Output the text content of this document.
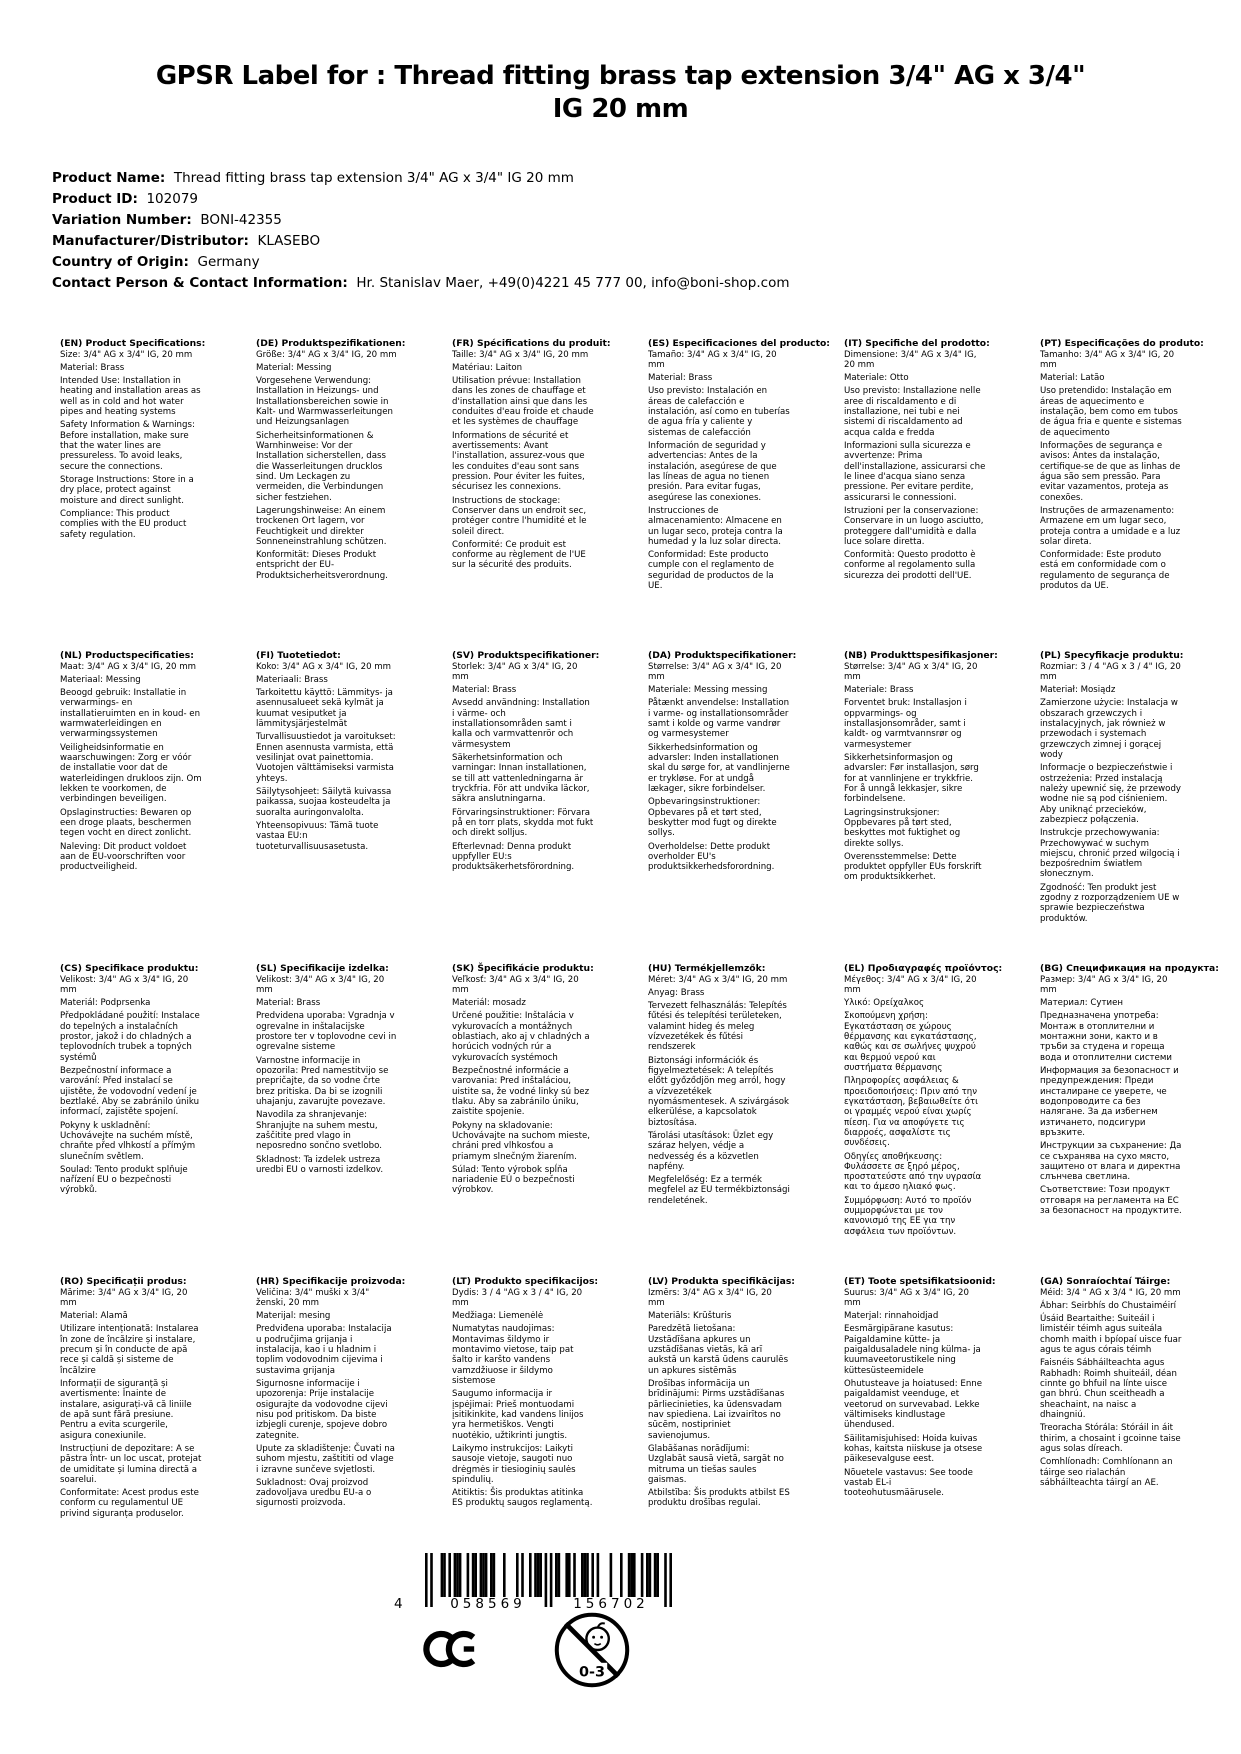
GPSR Label for : Thread fitting brass tap extension 3/4" AG x 3/4"
IG 20 mm
Product Name:  Thread fitting brass tap extension 3/4" AG x 3/4" IG 20 mm
Product ID:  102079
Variation Number:  BONI-42355
Manufacturer/Distributor:  KLASEBO
Country of Origin:  Germany
Contact Person & Contact Information:  Hr. Stanislav Maer, +49(0)4221 45 777 00, info@boni-shop.com
(EN) Product Specifications:

Size: 3/4" AG x 3/4" IG, 20 mm

Material: Brass

Intended Use: Installation in heating and installation areas as well as in cold and hot water pipes and heating systems

Safety Information & Warnings: Before installation, make sure that the water lines are pressureless. To avoid leaks, secure the connections.

Storage Instructions: Store in a dry place, protect against moisture and direct sunlight.

Compliance: This product complies with the EU product safety regulation.

(DE) Produktspezifikationen:

Größe: 3/4" AG x 3/4" IG, 20 mm

Material: Messing

Vorgesehene Verwendung: Installation in Heizungs- und Installationsbereichen sowie in Kalt- und Warmwasserleitungen und Heizungsanlagen

Sicherheitsinformationen & Warnhinweise: Vor der Installation sicherstellen, dass die Wasserleitungen drucklos sind. Um Leckagen zu vermeiden, die Verbindungen sicher festziehen.

Lagerungshinweise: An einem trockenen Ort lagern, vor Feuchtigkeit und direkter Sonneneinstrahlung schützen.

Konformität: Dieses Produkt entspricht der EU-Produktsicherheitsverordnung.

(FR) Spécifications du produit:

Taille: 3/4" AG x 3/4" IG, 20 mm

Matériau: Laiton

Utilisation prévue: Installation dans les zones de chauffage et d'installation ainsi que dans les conduites d'eau froide et chaude et les systèmes de chauffage

Informations de sécurité et avertissements: Avant l'installation, assurez-vous que les conduites d'eau sont sans pression. Pour éviter les fuites, sécurisez les connexions.

Instructions de stockage: Conserver dans un endroit sec, protéger contre l'humidité et le soleil direct.

Conformité: Ce produit est conforme au règlement de l'UE sur la sécurité des produits.

(ES) Especificaciones del producto:

Tamaño: 3/4" AG x 3/4" IG, 20 mm

Material: Brass

Uso previsto: Instalación en áreas de calefacción e instalación, así como en tuberías de agua fría y caliente y sistemas de calefacción

Información de seguridad y advertencias: Antes de la instalación, asegúrese de que las líneas de agua no tienen presión. Para evitar fugas, asegúrese las conexiones.

Instrucciones de almacenamiento: Almacene en un lugar seco, proteja contra la humedad y la luz solar directa.

Conformidad: Este producto cumple con el reglamento de seguridad de productos de la UE.

(IT) Specifiche del prodotto:

Dimensione: 3/4" AG x 3/4" IG, 20 mm

Materiale: Otto

Uso previsto: Installazione nelle aree di riscaldamento e di installazione, nei tubi e nei sistemi di riscaldamento ad acqua calda e fredda

Informazioni sulla sicurezza e avvertenze: Prima dell'installazione, assicurarsi che le linee d'acqua siano senza pressione. Per evitare perdite, assicurarsi le connessioni.

Istruzioni per la conservazione: Conservare in un luogo asciutto, proteggere dall'umidità e dalla luce solare diretta.

Conformità: Questo prodotto è conforme al regolamento sulla sicurezza dei prodotti dell'UE.

(PT) Especificações do produto:

Tamanho: 3/4" AG x 3/4" IG, 20 mm

Material: Latão

Uso pretendido: Instalação em áreas de aquecimento e instalação, bem como em tubos de água fria e quente e sistemas de aquecimento

Informações de segurança e avisos: Antes da instalação, certifique-se de que as linhas de água são sem pressão. Para evitar vazamentos, proteja as conexões.

Instruções de armazenamento: Armazene em um lugar seco, proteja contra a umidade e a luz solar direta.

Conformidade: Este produto está em conformidade com o regulamento de segurança de produtos da UE.

(NL) Productspecificaties:

Maat: 3/4" AG x 3/4" IG, 20 mm

Materiaal: Messing

Beoogd gebruik: Installatie in verwarmings- en installatieruimten en in koud- en warmwaterleidingen en verwarmingssystemen

Veiligheidsinformatie en waarschuwingen: Zorg er vóór de installatie voor dat de waterleidingen drukloos zijn. Om lekken te voorkomen, de verbindingen beveiligen.

Opslaginstructies: Bewaren op een droge plaats, beschermen tegen vocht en direct zonlicht.

Naleving: Dit product voldoet aan de EU-voorschriften voor productveiligheid.

(FI) Tuotetiedot:

Koko: 3/4" AG x 3/4" IG, 20 mm

Materiaali: Brass

Tarkoitettu käyttö: Lämmitys- ja asennusalueet sekä kylmät ja kuumat vesiputket ja lämmitysjärjestelmät

Turvallisuustiedot ja varoitukset: Ennen asennusta varmista, että vesilinjat ovat painettomia. Vuotojen välttämiseksi varmista yhteys.

Säilytysohjeet: Säilytä kuivassa paikassa, suojaa kosteudelta ja suoralta auringonvalolta.

Yhteensopivuus: Tämä tuote vastaa EU:n tuoteturvallisuusasetusta.

(SV) Produktspecifikationer:

Storlek: 3/4" AG x 3/4" IG, 20 mm

Material: Brass

Avsedd användning: Installation i värme- och installationsområden samt i kalla och varmvattenrör och värmesystem

Säkerhetsinformation och varningar: Innan installationen, se till att vattenledningarna är tryckfria. För att undvika läckor, säkra anslutningarna.

Förvaringsinstruktioner: Förvara på en torr plats, skydda mot fukt och direkt solljus.

Efterlevnad: Denna produkt uppfyller EU:s produktsäkerhetsförordning.

(DA) Produktspecifikationer:

Størrelse: 3/4" AG x 3/4" IG, 20 mm

Materiale: Messing messing

Påtænkt anvendelse: Installation i varme- og installationsområder samt i kolde og varme vandrør og varmesystemer

Sikkerhedsinformation og advarsler: Inden installationen skal du sørge for, at vandlinjerne er trykløse. For at undgå lækager, sikre forbindelser.

Opbevaringsinstruktioner: Opbevares på et tørt sted, beskytter mod fugt og direkte sollys.

Overholdelse: Dette produkt overholder EU's produktsikkerhedsforordning.

(NB) Produkttspesifikasjoner:

Størrelse: 3/4" AG x 3/4" IG, 20 mm

Materiale: Brass

Forventet bruk: Installasjon i oppvarmings- og installasjonsområder, samt i kaldt- og varmtvannsrør og varmesystemer

Sikkerhetsinformasjon og advarsler: Før installasjon, sørg for at vannlinjene er trykkfrie. For å unngå lekkasjer, sikre forbindelsene.

Lagringsinstruksjoner: Oppbevares på tørt sted, beskyttes mot fuktighet og direkte sollys.

Overensstemmelse: Dette produktet oppfyller EUs forskrift om produktsikkerhet.

(PL) Specyfikacje produktu:

Rozmiar: 3 / 4 "AG x 3 / 4" IG, 20 mm

Materiał: Mosiądz

Zamierzone użycie: Instalacja w obszarach grzewczych i instalacyjnych, jak również w przewodach i systemach grzewczych zimnej i gorącej wody

Informacje o bezpieczeństwie i ostrzeżenia: Przed instalacją należy upewnić się, że przewody wodne nie są pod ciśnieniem. Aby uniknąć przecieków, zabezpiecz połączenia.

Instrukcje przechowywania: Przechowywać w suchym miejscu, chronić przed wilgocią i bezpośrednim światłem słonecznym.

Zgodność: Ten produkt jest zgodny z rozporządzeniem UE w sprawie bezpieczeństwa produktów.

(CS) Specifikace produktu:

Velikost: 3/4" AG x 3/4" IG, 20 mm

Materiál: Podprsenka

Předpokládané použití: Instalace do tepelných a instalačních prostor, jakož i do chladných a teplovodních trubek a topných systémů

Bezpečnostní informace a varování: Před instalací se ujistěte, že vodovodní vedení je beztlaké. Aby se zabránilo úniku informací, zajistěte spojení.

Pokyny k uskladnění: Uchovávejte na suchém místě, chraňte před vlhkostí a přímým slunečním světlem.

Soulad: Tento produkt splňuje nařízení EU o bezpečnosti výrobků.

(SL) Specifikacije izdelka:

Velikost: 3/4" AG x 3/4" IG, 20 mm

Material: Brass

Predvidena uporaba: Vgradnja v ogrevalne in inštalacijske prostore ter v toplovodne cevi in ogrevalne sisteme

Varnostne informacije in opozorila: Pred namestitvijo se prepričajte, da so vodne črte brez pritiska. Da bi se izognili uhajanju, zavarujte povezave.

Navodila za shranjevanje: Shranjujte na suhem mestu, zaščitite pred vlago in neposredno sončno svetlobo.

Skladnost: Ta izdelek ustreza uredbi EU o varnosti izdelkov.

(SK) Špecifikácie produktu:

Veľkosť: 3/4" AG x 3/4" IG, 20 mm

Materiál: mosadz

Určené použitie: Inštalácia v vykurovacích a montážnych oblastiach, ako aj v chladných a horúcich vodných rúr a vykurovacích systémoch

Bezpečnostné informácie a varovania: Pred inštaláciou, uistite sa, že vodné linky sú bez tlaku. Aby sa zabránilo úniku, zaistite spojenie.

Pokyny na skladovanie: Uchovávajte na suchom mieste, chráni pred vlhkosťou a priamym slnečným žiarením.

Súlad: Tento výrobok spĺňa nariadenie EÚ o bezpečnosti výrobkov.

(HU) Termékjellemzők:

Méret: 3/4" AG x 3/4" IG, 20 mm

Anyag: Brass

Tervezett felhasználás: Telepítés fűtési és telepítési területeken, valamint hideg és meleg vízvezetékek és fűtési rendszerek

Biztonsági információk és figyelmeztetések: A telepítés előtt győződjön meg arról, hogy a vízvezetékek nyomásmentesek. A szivárgások elkerülése, a kapcsolatok biztosítása.

Tárolási utasítások: Üzlet egy száraz helyen, védje a nedvesség és a közvetlen napfény.

Megfelelőség: Ez a termék megfelel az EU termékbiztonsági rendeletének.

(EL) Προδιαγραφές προϊόντος:

Μέγεθος: 3/4" AG x 3/4" IG, 20 mm

Υλικό: Ορείχαλκος

Σκοπούμενη χρήση: Εγκατάσταση σε χώρους θέρμανσης και εγκατάστασης, καθώς και σε σωλήνες ψυχρού και θερμού νερού και συστήματα θέρμανσης

Πληροφορίες ασφάλειας & προειδοποιήσεις: Πριν από την εγκατάσταση, βεβαιωθείτε ότι οι γραμμές νερού είναι χωρίς πίεση. Για να αποφύγετε τις διαρροές, ασφαλίστε τις συνδέσεις.

Οδηγίες αποθήκευσης: Φυλάσσετε σε ξηρό μέρος, προστατεύστε από την υγρασία και το άμεσο ηλιακό φως.

Συμμόρφωση: Αυτό το προϊόν συμμορφώνεται με τον κανονισμό της ΕΕ για την ασφάλεια των προϊόντων.

(BG) Спецификация на продукта:

Размер: 3/4" AG x 3/4" IG, 20 mm

Материал: Сутиен

Предназначена употреба: Монтаж в отоплителни и монтажни зони, както и в тръби за студена и гореща вода и отоплителни системи

Информация за безопасност и предупреждения: Преди инсталиране се уверете, че водопроводите са без налягане. За да избегнем изтичането, подсигури връзките.

Инструкции за съхранение: Да се съхранява на сухо място, защитено от влага и директна слънчева светлина.

Съответствие: Този продукт отговаря на регламента на ЕС за безопасност на продуктите.

(RO) Specificații produs:

Mărime: 3/4" AG x 3/4" IG, 20 mm

Material: Alamă

Utilizare intenționată: Instalarea în zone de încălzire și instalare, precum și în conducte de apă rece și caldă și sisteme de încălzire

Informații de siguranță și avertismente: Înainte de instalare, asigurați-vă că liniile de apă sunt fără presiune. Pentru a evita scurgerile, asigura conexiunile.

Instrucțiuni de depozitare: A se păstra într- un loc uscat, protejat de umiditate și lumina directă a soarelui.

Conformitate: Acest produs este conform cu regulamentul UE privind siguranța produselor.

(HR) Specifikacije proizvoda:

Veličina: 3/4" muški x 3/4" ženski, 20 mm

Materijal: mesing

Predviđena uporaba: Instalacija u područjima grijanja i instalacija, kao i u hladnim i toplim vodovodnim cijevima i sustavima grijanja

Sigurnosne informacije i upozorenja: Prije instalacije osigurajte da vodovodne cijevi nisu pod pritiskom. Da biste izbjegli curenje, spojeve dobro zategnite.

Upute za skladištenje: Čuvati na suhom mjestu, zaštititi od vlage i izravne sunčeve svjetlosti.

Sukladnost: Ovaj proizvod zadovoljava uredbu EU-a o sigurnosti proizvoda.

(LT) Produkto specifikacijos:

Dydis: 3 / 4 "AG x 3 / 4" IG, 20 mm

Medžiaga: Liemenėlė

Numatytas naudojimas: Montavimas šildymo ir montavimo vietose, taip pat šalto ir karšto vandens vamzdžiuose ir šildymo sistemose

Saugumo informacija ir įspėjimai: Prieš montuodami įsitikinkite, kad vandens linijos yra hermetiškos. Vengti nuotėkio, užtikrinti jungtis.

Laikymo instrukcijos: Laikyti sausoje vietoje, saugoti nuo drėgmės ir tiesioginių saulės spindulių.

Atitiktis: Šis produktas atitinka ES produktų saugos reglamentą.

(LV) Produkta specifikācijas:

Izmērs: 3/4" AG x 3/4" IG, 20 mm

Materiāls: Krūšturis

Paredzētā lietošana: Uzstādīšana apkures un uzstādīšanas vietās, kā arī aukstā un karstā ūdens caurulēs un apkures sistēmās

Drošības informācija un brīdinājumi: Pirms uzstādīšanas pārliecinieties, ka ūdensvadam nav spiediena. Lai izvairītos no sūcēm, nostipriniet savienojumus.

Glabāšanas norādījumi: Uzglabāt sausā vietā, sargāt no mitruma un tiešas saules gaismas.

Atbilstība: Šis produkts atbilst ES produktu drošības regulai.

(ET) Toote spetsifikatsioonid:

Suurus: 3/4" AG x 3/4" IG, 20 mm

Materjal: rinnahoidjad

Eesmärgipärane kasutus: Paigaldamine kütte- ja paigaldusaladele ning külma- ja kuumaveetorustikele ning küttesüsteemidele

Ohutusteave ja hoiatused: Enne paigaldamist veenduge, et veetorud on survevabad. Lekke vältimiseks kindlustage ühendused.

Säilitamisjuhised: Hoida kuivas kohas, kaitsta niiskuse ja otsese päikesevalguse eest.

Nõuetele vastavus: See toode vastab EL-i tooteohutusmäärusele.

(GA) Sonraíochtaí Táirge:

Méid: 3/4 " AG x 3/4 " IG, 20 mm

Ábhar: Seirbhís do Chustaiméirí

Úsáid Beartaithe: Suiteáil i limistéir téimh agus suiteála chomh maith i bpíopaí uisce fuar agus te agus córais téimh

Faisnéis Sábháilteachta agus Rabhadh: Roimh shuiteáil, déan cinnte go bhfuil na línte uisce gan bhrú. Chun sceitheadh a sheachaint, na naisc a dhaingniú.

Treoracha Stórála: Stóráil in áit thirim, a chosaint i gcoinne taise agus solas díreach.

Comhlíonadh: Comhlíonann an táirge seo rialachán sábháilteachta táirgí an AE.

4	058569	156702
0-3
